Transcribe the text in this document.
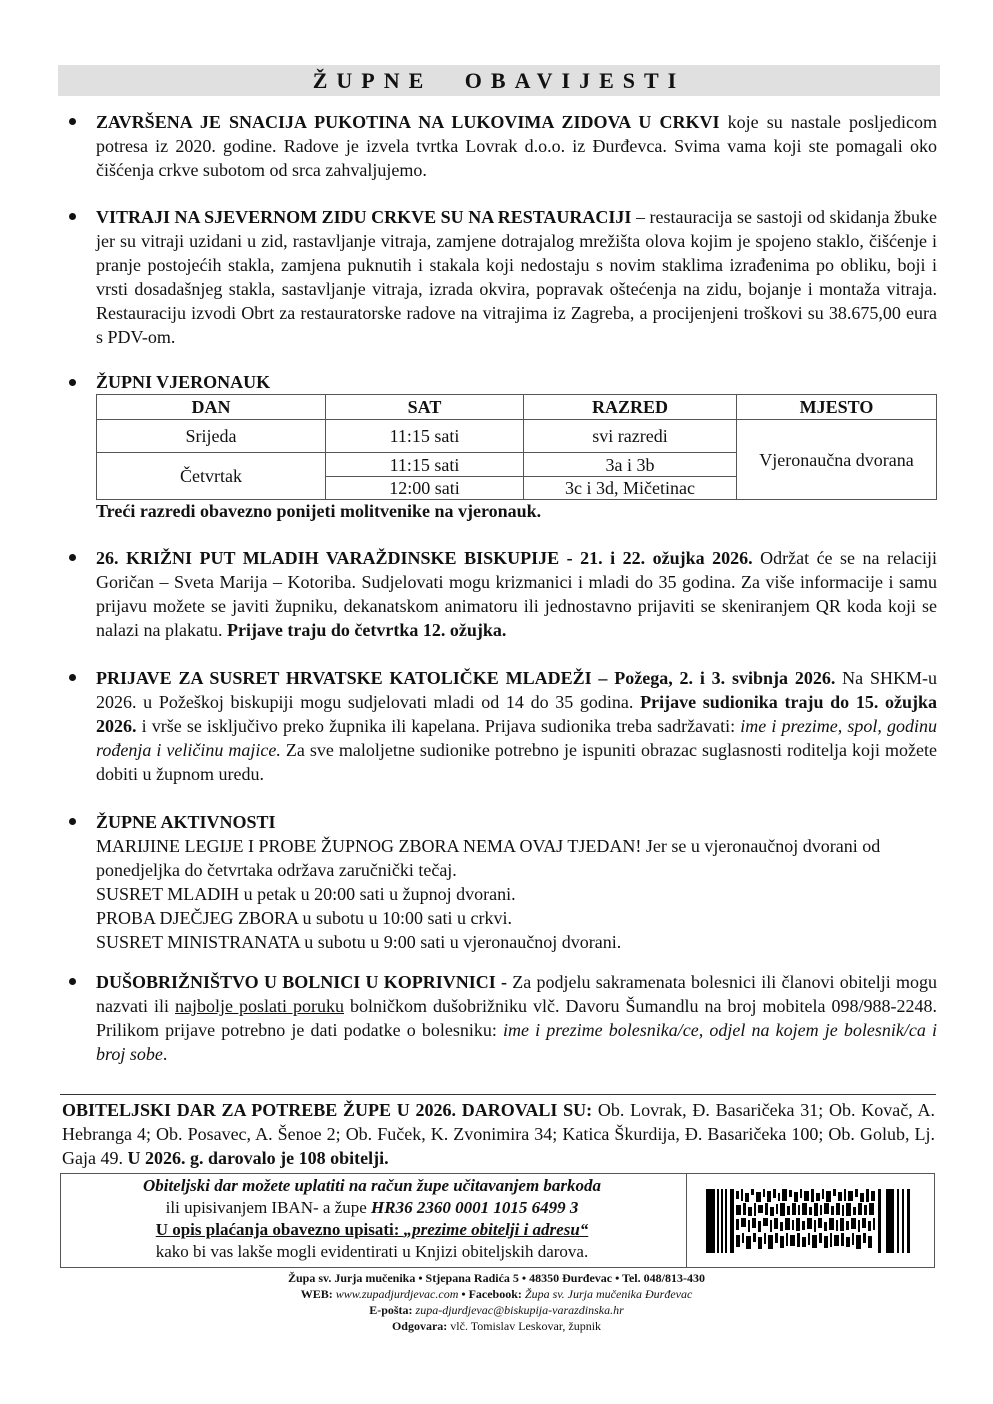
ŽUPNE OBAVIJESTI
ZAVRŠENA JE SNACIJA PUKOTINA NA LUKOVIMA ZIDOVA U CRKVI koje su nastale posljedicom potresa iz 2020. godine. Radove je izvela tvrtka Lovrak d.o.o. iz Đurđevca. Svima vama koji ste pomagali oko čišćenja crkve subotom od srca zahvaljujemo.
VITRAJI NA SJEVERNOM ZIDU CRKVE SU NA RESTAURACIJI – restauracija se sastoji od skidanja žbuke jer su vitraji uzidani u zid, rastavljanje vitraja, zamjene dotrajalog mrežišta olova kojim je spojeno staklo, čišćenje i pranje postojećih stakla, zamjena puknutih i stakala koji nedostaju s novim staklima izrađenima po obliku, boji i vrsti dosadašnjeg stakla, sastavljanje vitraja, izrada okvira, popravak oštećenja na zidu, bojanje i montaža vitraja. Restauraciju izvodi Obrt za restauratorske radove na vitrajima iz Zagreba, a procijenjeni troškovi su 38.675,00 eura s PDV-om.
ŽUPNI VJERONAUK
DAN	SAT	RAZRED	MJESTO
Srijeda	11:15 sati	svi razredi	Vjeronaučna dvorana
Četvrtak	11:15 sati	3a i 3b	
	12:00 sati	3c i 3d, Mičetinac	
Treći razredi obavezno ponijeti molitvenike na vjeronauk.
26. KRIŽNI PUT MLADIH VARAŽDINSKE BISKUPIJE - 21. i 22. ožujka 2026. Održat će se na relaciji Goričan – Sveta Marija – Kotoriba. Sudjelovati mogu krizmanici i mladi do 35 godina. Za više informacije i samu prijavu možete se javiti župniku, dekanatskom animatoru ili jednostavno prijaviti se skeniranjem QR koda koji se nalazi na plakatu. Prijave traju do četvrtka 12. ožujka.
PRIJAVE ZA SUSRET HRVATSKE KATOLIČKE MLADEŽI – Požega, 2. i 3. svibnja 2026. Na SHKM-u 2026. u Požeškoj biskupiji mogu sudjelovati mladi od 14 do 35 godina. Prijave sudionika traju do 15. ožujka 2026. i vrše se isključivo preko župnika ili kapelana. Prijava sudionika treba sadržavati: ime i prezime, spol, godinu rođenja i veličinu majice. Za sve maloljetne sudionike potrebno je ispuniti obrazac suglasnosti roditelja koji možete dobiti u župnom uredu.
ŽUPNE AKTIVNOSTI
MARIJINE LEGIJE I PROBE ŽUPNOG ZBORA NEMA OVAJ TJEDAN! Jer se u vjeronaučnoj dvorani od ponedjeljka do četvrtaka održava zaručnički tečaj.
SUSRET MLADIH u petak u 20:00 sati u župnoj dvorani.
PROBA DJEČJEG ZBORA u subotu u 10:00 sati u crkvi.
SUSRET MINISTRANATA u subotu u 9:00 sati u vjeronaučnoj dvorani.
DUŠOBRIŽNIŠTVO U BOLNICI U KOPRIVNICI - Za podjelu sakramenata bolesnici ili članovi obitelji mogu nazvati ili najbolje poslati poruku bolničkom dušobrižniku vlč. Davoru Šumandlu na broj mobitela 098/988-2248. Prilikom prijave potrebno je dati podatke o bolesniku: ime i prezime bolesnika/ce, odjel na kojem je bolesnik/ca i broj sobe.
OBITELJSKI DAR ZA POTREBE ŽUPE U 2026. DAROVALI SU: Ob. Lovrak, Đ. Basaričeka 31; Ob. Kovač, A. Hebranga 4; Ob. Posavec, A. Šenoe 2; Ob. Fuček, K. Zvonimira 34; Katica Škurdija, Đ. Basaričeka 100; Ob. Golub, Lj. Gaja 49. U 2026. g. darovalo je 108 obitelji.
Obiteljski dar možete uplatiti na račun župe učitavanjem barkoda
ili upisivanjem IBAN- a župe HR36 2360 0001 1015 6499 3
U opis plaćanja obavezno upisati: „prezime obitelji i adresu“
kako bi vas lakše mogli evidentirati u Knjizi obiteljskih darova.
Župa sv. Jurja mučenika • Stjepana Radića 5 • 48350 Đurđevac • Tel. 048/813-430
WEB: www.zupadjurdjevac.com • Facebook: Župa sv. Jurja mučenika Đurđevac
E-pošta: zupa-djurdjevac@biskupija-varazdinska.hr
Odgovara: vlč. Tomislav Leskovar, župnik
